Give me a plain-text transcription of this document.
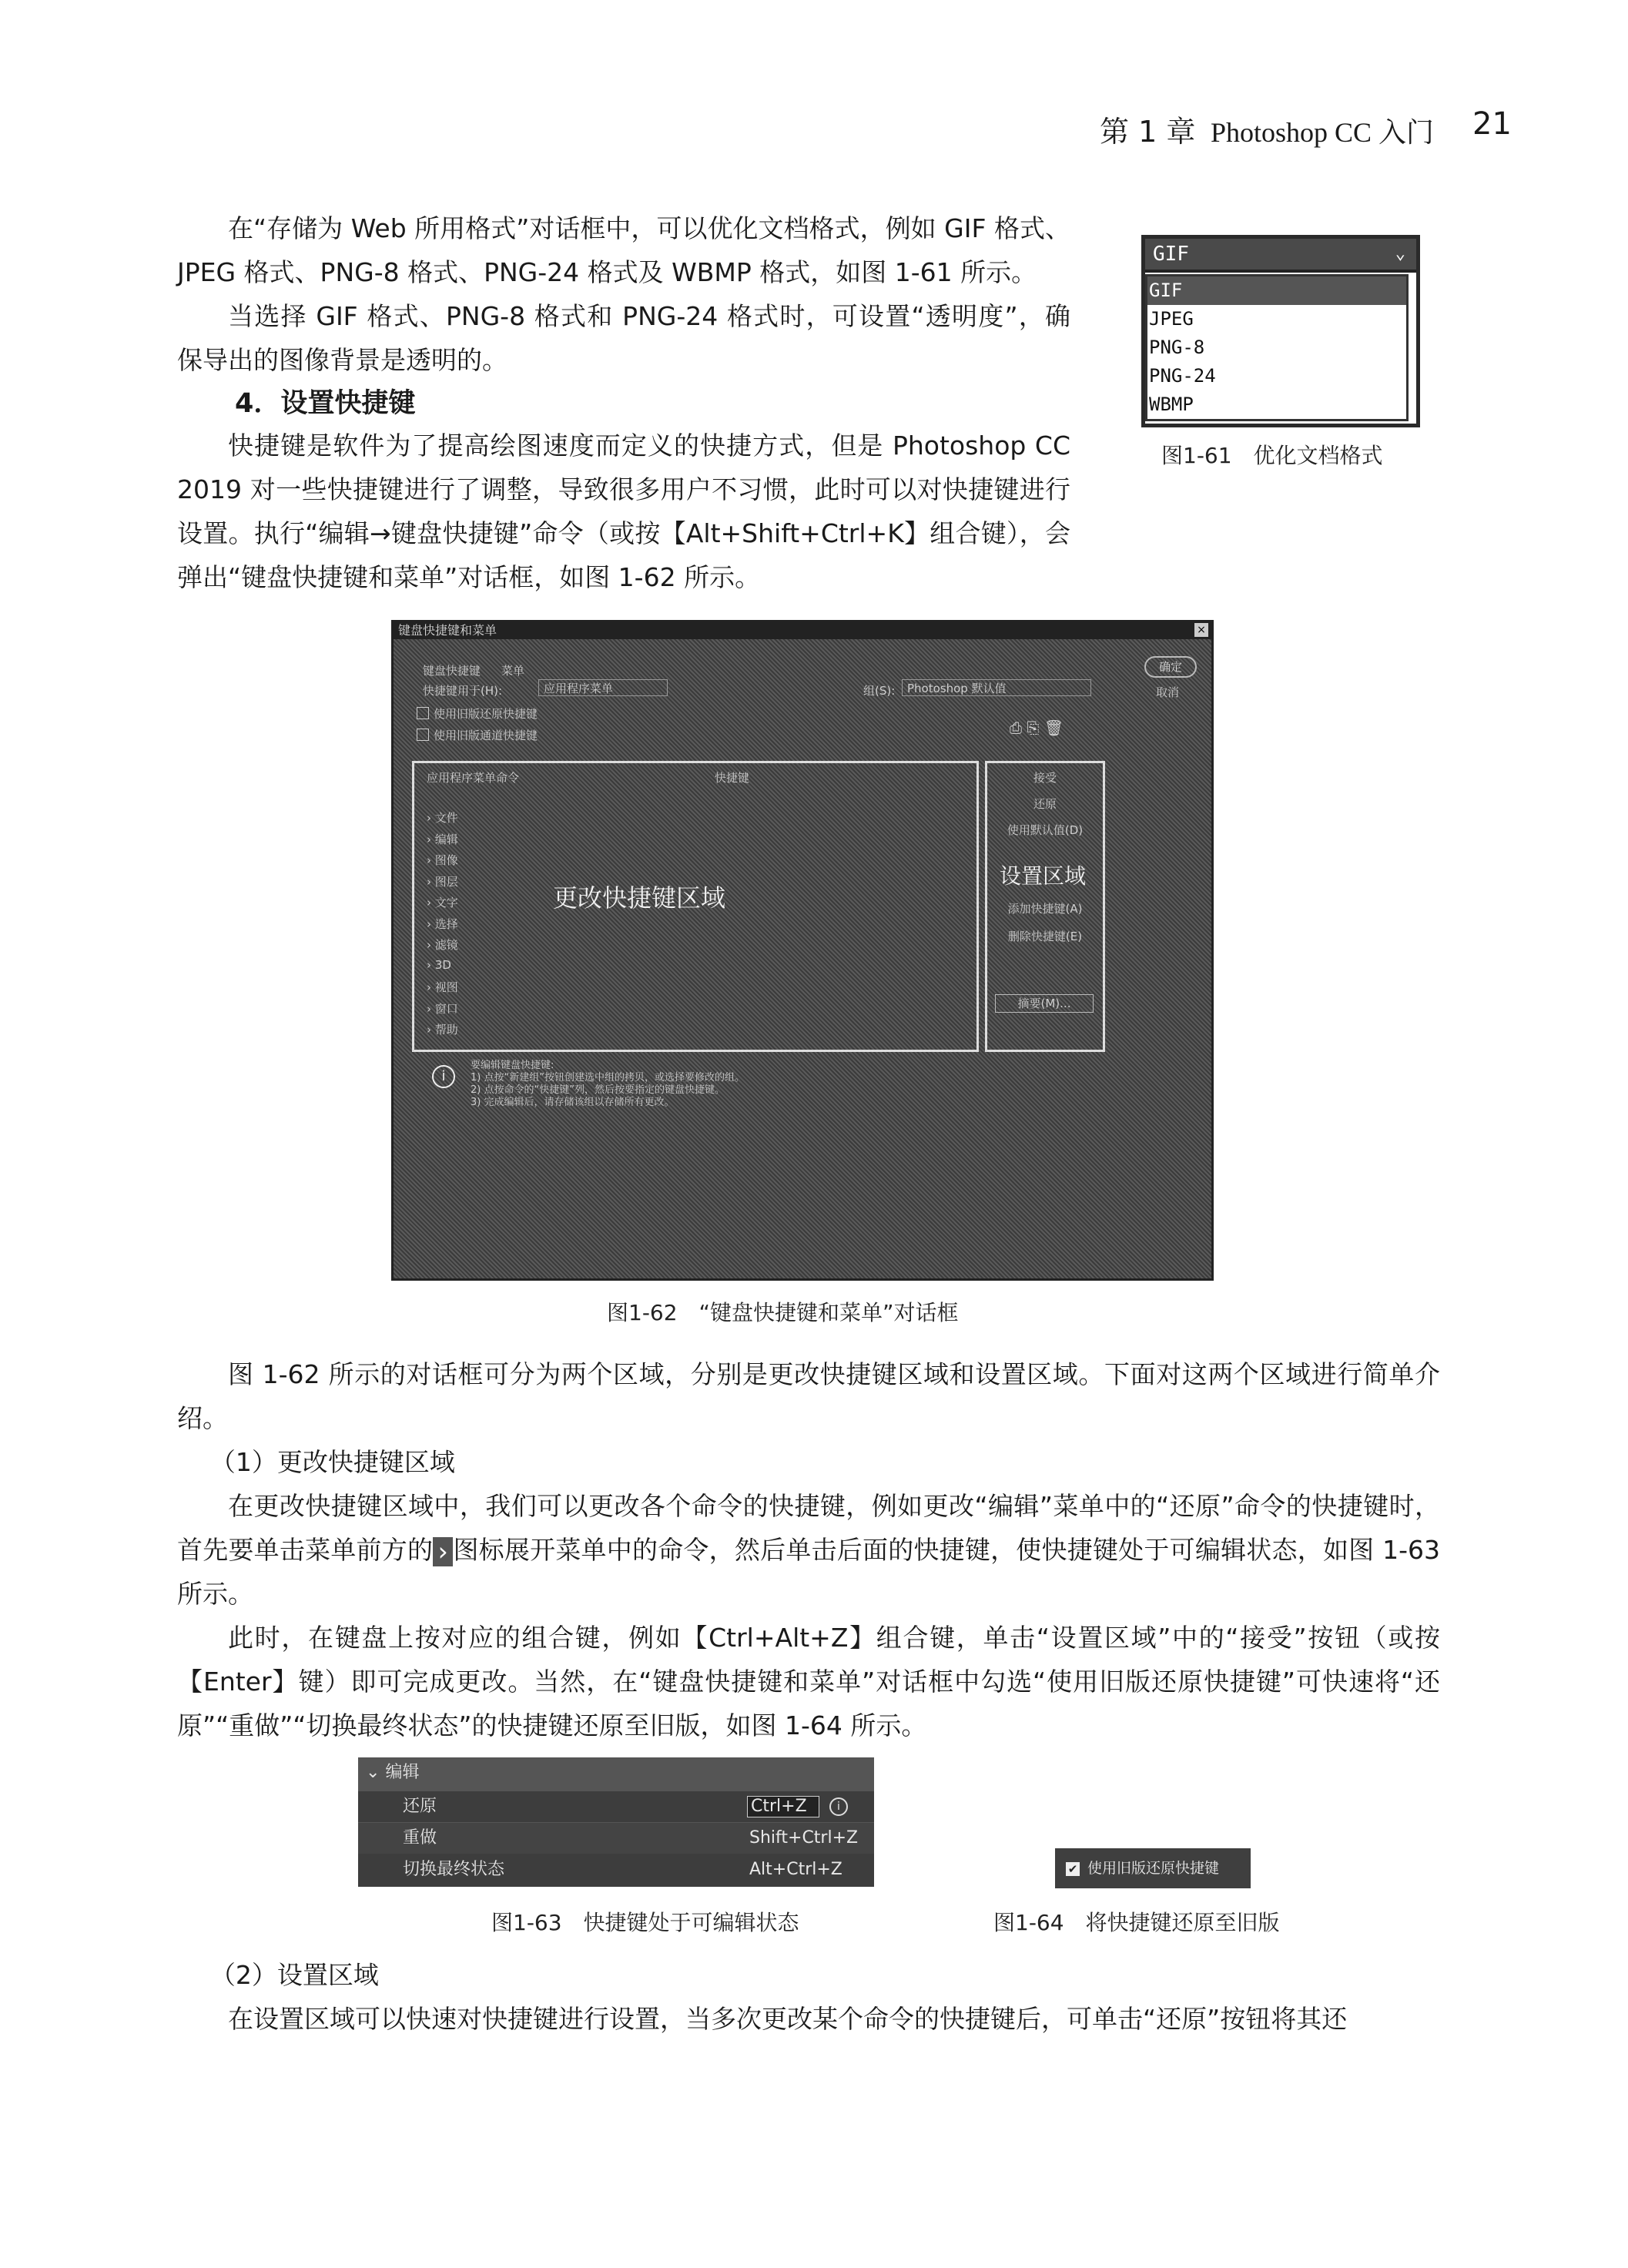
第 1 章 Photoshop CC 入门 21

在“存储为 Web 所用格式”对话框中，可以优化文档格式，例如 GIF 格式、JPEG 格式、PNG-8 格式、PNG-24 格式及 WBMP 格式，如图 1-61 所示。

当选择 GIF 格式、PNG-8 格式和 PNG-24 格式时，可设置“透明度”，确保导出的图像背景是透明的。

4．设置快捷键

快捷键是软件为了提高绘图速度而定义的快捷方式，但是 Photoshop CC 2019 对一些快捷键进行了调整，导致很多用户不习惯，此时可以对快捷键进行设置。执行“编辑→键盘快捷键”命令（或按【Alt+Shift+Ctrl+K】组合键），会弹出“键盘快捷键和菜单”对话框，如图 1-62 所示。

GIF	⌄
GIF
JPEG
PNG-8
PNG-24
WBMP
图1-61　优化文档格式
键盘快捷键和菜单	×
键盘快捷键 菜单
快捷键用于(H):	应用程序菜单	组(S):	Photoshop 默认值
确定
取消
使用旧版还原快捷键
使用旧版通道快捷键	⎙ ⎘ 🗑
应用程序菜单命令	快捷键
› 文件
› 编辑
› 图像
› 图层
› 文字
› 选择
› 滤镜
› 3D
› 视图
› 窗口
› 帮助
更改快捷键区域
接受
还原
使用默认值(D)
设置区域
添加快捷键(A)
删除快捷键(E)
摘要(M)...
i
要编辑键盘快捷键:
1) 点按“新建组”按钮创建选中组的拷贝，或选择要修改的组。
2) 点按命令的“快捷键”列，然后按要指定的键盘快捷键。
3) 完成编辑后，请存储该组以存储所有更改。
图1-62　“键盘快捷键和菜单”对话框

图 1-62 所示的对话框可分为两个区域，分别是更改快捷键区域和设置区域。下面对这两个区域进行简单介绍。

（1）更改快捷键区域

在更改快捷键区域中，我们可以更改各个命令的快捷键，例如更改“编辑”菜单中的“还原”命令的快捷键时，首先要单击菜单前方的 › 图标展开菜单中的命令，然后单击后面的快捷键，使快捷键处于可编辑状态，如图 1-63 所示。

此时，在键盘上按对应的组合键，例如【Ctrl+Alt+Z】组合键，单击“设置区域”中的“接受”按钮（或按【Enter】键）即可完成更改。当然，在“键盘快捷键和菜单”对话框中勾选“使用旧版还原快捷键”可快速将“还原”“重做”“切换最终状态”的快捷键还原至旧版，如图 1-64 所示。

⌄ 编辑
还原	Ctrl+Z	i
重做	Shift+Ctrl+Z
切换最终状态	Alt+Ctrl+Z
图1-63　快捷键处于可编辑状态
✔ 使用旧版还原快捷键
图1-64　将快捷键还原至旧版

（2）设置区域

在设置区域可以快速对快捷键进行设置，当多次更改某个命令的快捷键后，可单击“还原”按钮将其还
